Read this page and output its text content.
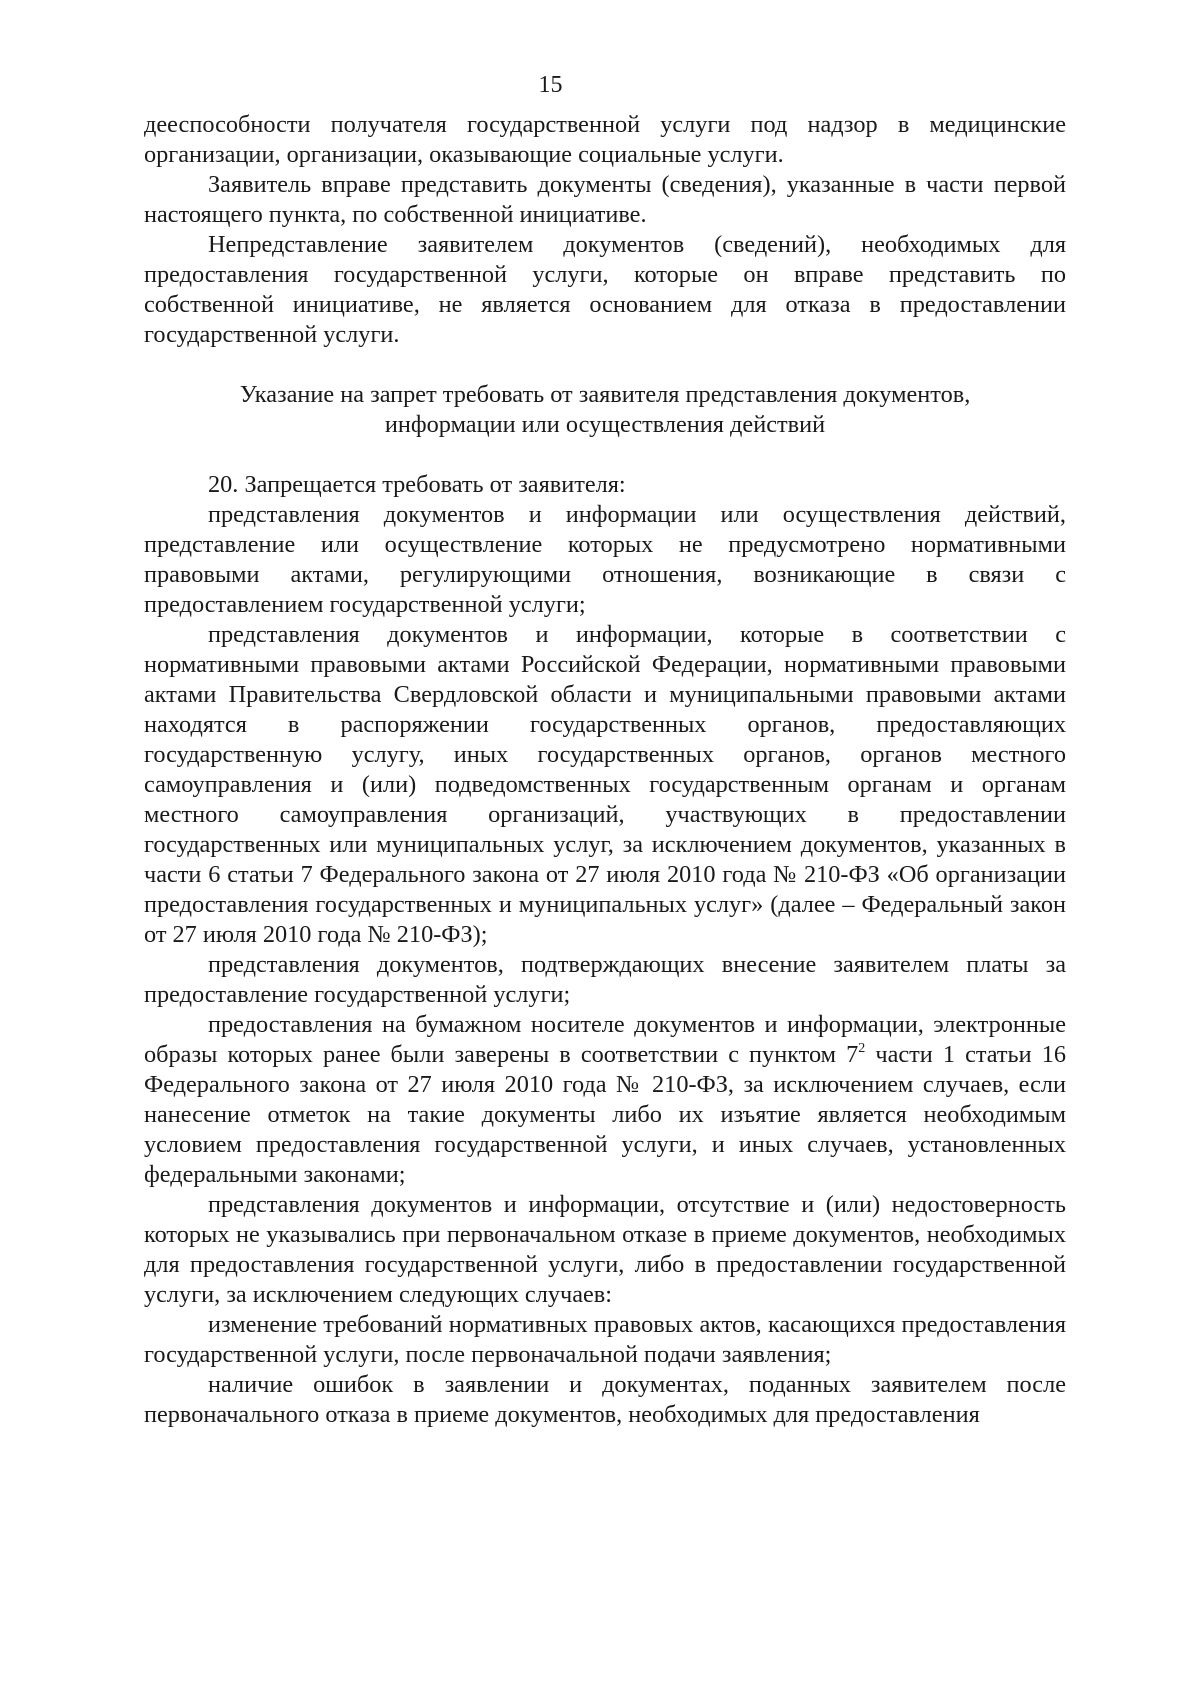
15

дееспособности получателя государственной услуги под надзор в медицинские организации, организации, оказывающие социальные услуги.

Заявитель вправе представить документы (сведения), указанные в части первой настоящего пункта, по собственной инициативе.

Непредставление заявителем документов (сведений), необходимых для предоставления государственной услуги, которые он вправе представить по собственной инициативе, не является основанием для отказа в предоставлении государственной услуги.

Указание на запрет требовать от заявителя представления документов,
информации или осуществления действий

20. Запрещается требовать от заявителя:

представления документов и информации или осуществления действий, представление или осуществление которых не предусмотрено нормативными правовыми актами, регулирующими отношения, возникающие в связи с предоставлением государственной услуги;

представления документов и информации, которые в соответствии с нормативными правовыми актами Российской Федерации, нормативными правовыми актами Правительства Свердловской области и муниципальными правовыми актами находятся в распоряжении государственных органов, предоставляющих государственную услугу, иных государственных органов, органов местного самоуправления и (или) подведомственных государственным органам и органам местного самоуправления организаций, участвующих в предоставлении государственных или муниципальных услуг, за исключением документов, указанных в части 6 статьи 7 Федерального закона от 27 июля 2010 года № 210-ФЗ «Об организации предоставления государственных и муниципальных услуг» (далее – Федеральный закон от 27 июля 2010 года № 210-ФЗ);

представления документов, подтверждающих внесение заявителем платы за предоставление государственной услуги;

предоставления на бумажном носителе документов и информации, электронные образы которых ранее были заверены в соответствии с пунктом $7^2$ части 1 статьи 16 Федерального закона от 27 июля 2010 года № 210-ФЗ, за исключением случаев, если нанесение отметок на такие документы либо их изъятие является необходимым условием предоставления государственной услуги, и иных случаев, установленных федеральными законами;

представления документов и информации, отсутствие и (или) недостоверность которых не указывались при первоначальном отказе в приеме документов, необходимых для предоставления государственной услуги, либо в предоставлении государственной услуги, за исключением следующих случаев:

изменение требований нормативных правовых актов, касающихся предоставления государственной услуги, после первоначальной подачи заявления;

наличие ошибок в заявлении и документах, поданных заявителем после первоначального отказа в приеме документов, необходимых для предоставления
